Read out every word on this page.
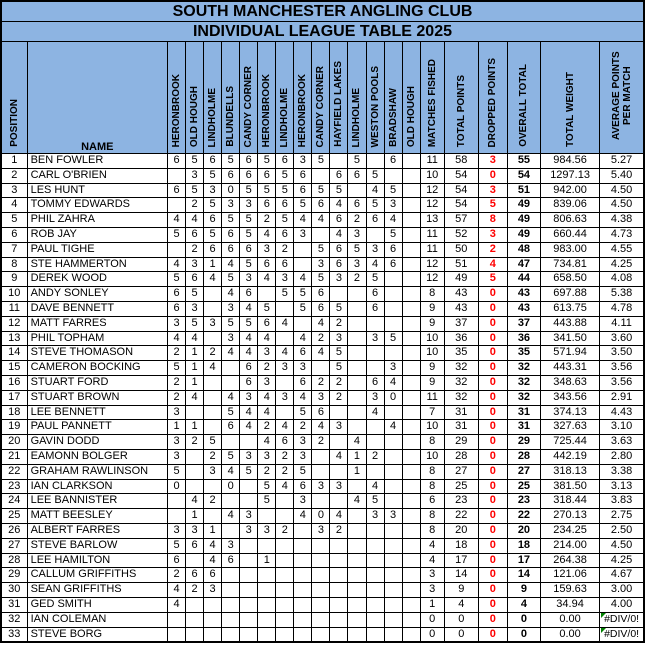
SOUTH MANCHESTER ANGLING CLUB																					
INDIVIDUAL LEAGUE TABLE 2025																					
POSITION	NAME	HERONBROOK	OLD HOUGH	LINDHOLME	BLUNDELLS	CANDY CORNER	HERONBROOK	LINDHOLME	HERONBROOK	CANDY CORNER	HAYFIELD LAKES	LINDHOLME	WESTON POOLS	BRADSHAW	OLD HOUGH	MATCHES FISHED	TOTAL POINTS	DROPPED POINTS	OVERALL TOTAL	TOTAL WEIGHT	AVERAGE POINTS PER MATCH
1	BEN FOWLER	6	5	6	5	6	5	6	3	5		5		6		11	58	3	55	984.56	5.27
2	CARL O'BRIEN		3	5	6	6	6	5	6		6	6	5			10	54	0	54	1297.13	5.40
3	LES HUNT	6	5	3	0	5	5	5	6	5	5		4	5		12	54	3	51	942.00	4.50
4	TOMMY EDWARDS		2	5	3	3	6	6	5	6	4	6	5	3		12	54	5	49	839.06	4.50
5	PHIL ZAHRA	4	4	6	5	5	2	5	4	4	6	2	6	4		13	57	8	49	806.63	4.38
6	ROB JAY	5	6	5	6	5	4	6	3		4	3		5		11	52	3	49	660.44	4.73
7	PAUL TIGHE		2	6	6	6	3	2		5	6	5	3	6		11	50	2	48	983.00	4.55
8	STE HAMMERTON	4	3	1	4	5	6	6		3	6	3	4	6		12	51	4	47	734.81	4.25
9	DEREK WOOD	5	6	4	5	3	4	3	4	5	3	2	5			12	49	5	44	658.50	4.08
10	ANDY SONLEY	6	5		4	6		5	5	6			6			8	43	0	43	697.88	5.38
11	DAVE BENNETT	6	3		3	4	5		5	6	5		6			9	43	0	43	613.75	4.78
12	MATT FARRES	3	5	3	5	5	6	4		4	2					9	37	0	37	443.88	4.11
13	PHIL TOPHAM	4	4		3	4	4		4	2	3		3	5		10	36	0	36	341.50	3.60
14	STEVE THOMASON	2	1	2	4	4	3	4	6	4	5					10	35	0	35	571.94	3.50
15	CAMERON BOCKING	5	1	4		6	2	3	3		5			3		9	32	0	32	443.31	3.56
16	STUART FORD	2	1			6	3		6	2	2		6	4		9	32	0	32	348.63	3.56
17	STUART BROWN	2	4		4	3	4	3	4	3	2		3	0		11	32	0	32	343.56	2.91
18	LEE BENNETT	3			5	4	4		5	6			4			7	31	0	31	374.13	4.43
19	PAUL PANNETT	1	1		6	4	2	4	2	4	3			4		10	31	0	31	327.63	3.10
20	GAVIN DODD	3	2	5			4	6	3	2		4				8	29	0	29	725.44	3.63
21	EAMONN BOLGER	3		2	5	3	3	2	3		4	1	2			10	28	0	28	442.19	2.80
22	GRAHAM RAWLINSON	5		3	4	5	2	2	5			1				8	27	0	27	318.13	3.38
23	IAN CLARKSON	0			0		5	4	6	3	3		4			8	25	0	25	381.50	3.13
24	LEE BANNISTER		4	2			5		3			4	5			6	23	0	23	318.44	3.83
25	MATT BEESLEY		1		4	3			4	0	4		3	3		8	22	0	22	270.13	2.75
26	ALBERT FARRES	3	3	1		3	3	2		3	2					8	20	0	20	234.25	2.50
27	STEVE BARLOW	5	6	4	3											4	18	0	18	214.00	4.50
28	LEE HAMILTON	6		4	6		1									4	17	0	17	264.38	4.25
29	CALLUM GRIFFITHS	2	6	6												3	14	0	14	121.06	4.67
30	SEAN GRIFFITHS	4	2	3												3	9	0	9	159.63	3.00
31	GED SMITH	4														1	4	0	4	34.94	4.00
32	IAN COLEMAN															0	0	0	0	0.00	#DIV/0!
33	STEVE BORG															0	0	0	0	0.00	#DIV/0!
